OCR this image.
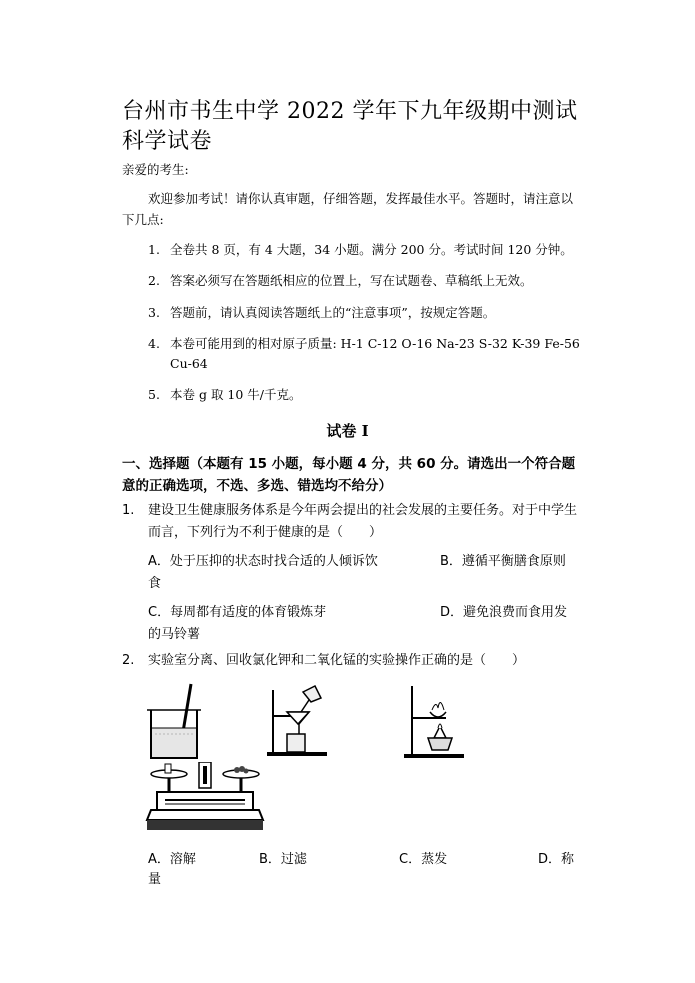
台州市书生中学 2022 学年下九年级期中测试科学试卷
亲爱的考生:
欢迎参加考试！请你认真审题，仔细答题，发挥最佳水平。答题时，请注意以下几点:
1. 全卷共 8 页，有 4 大题，34 小题。满分 200 分。考试时间 120 分钟。
2. 答案必须写在答题纸相应的位置上，写在试题卷、草稿纸上无效。
3. 答题前，请认真阅读答题纸上的“注意事项”，按规定答题。
4. 本卷可能用到的相对原子质量: H-1 C-12 O-16 Na-23 S-32 K-39 Fe-56 Cu-64
5. 本卷 g 取 10 牛/千克。
试卷 I
一、选择题（本题有 15 小题，每小题 4 分，共 60 分。请选出一个符合题意的正确选项，不选、多选、错选均不给分）
1. 建设卫生健康服务体系是今年两会提出的社会发展的主要任务。对于中学生而言，下列行为不利于健康的是（　　）
A．处于压抑的状态时找合适的人倾诉饮食
B．遵循平衡膳食原则
C．每周都有适度的体育锻炼芽的马铃薯
D．避免浪费而食用发
2. 实验室分离、回收氯化钾和二氧化锰的实验操作正确的是（　　）
A．溶解	B．过滤	C．蒸发	D．称
量
